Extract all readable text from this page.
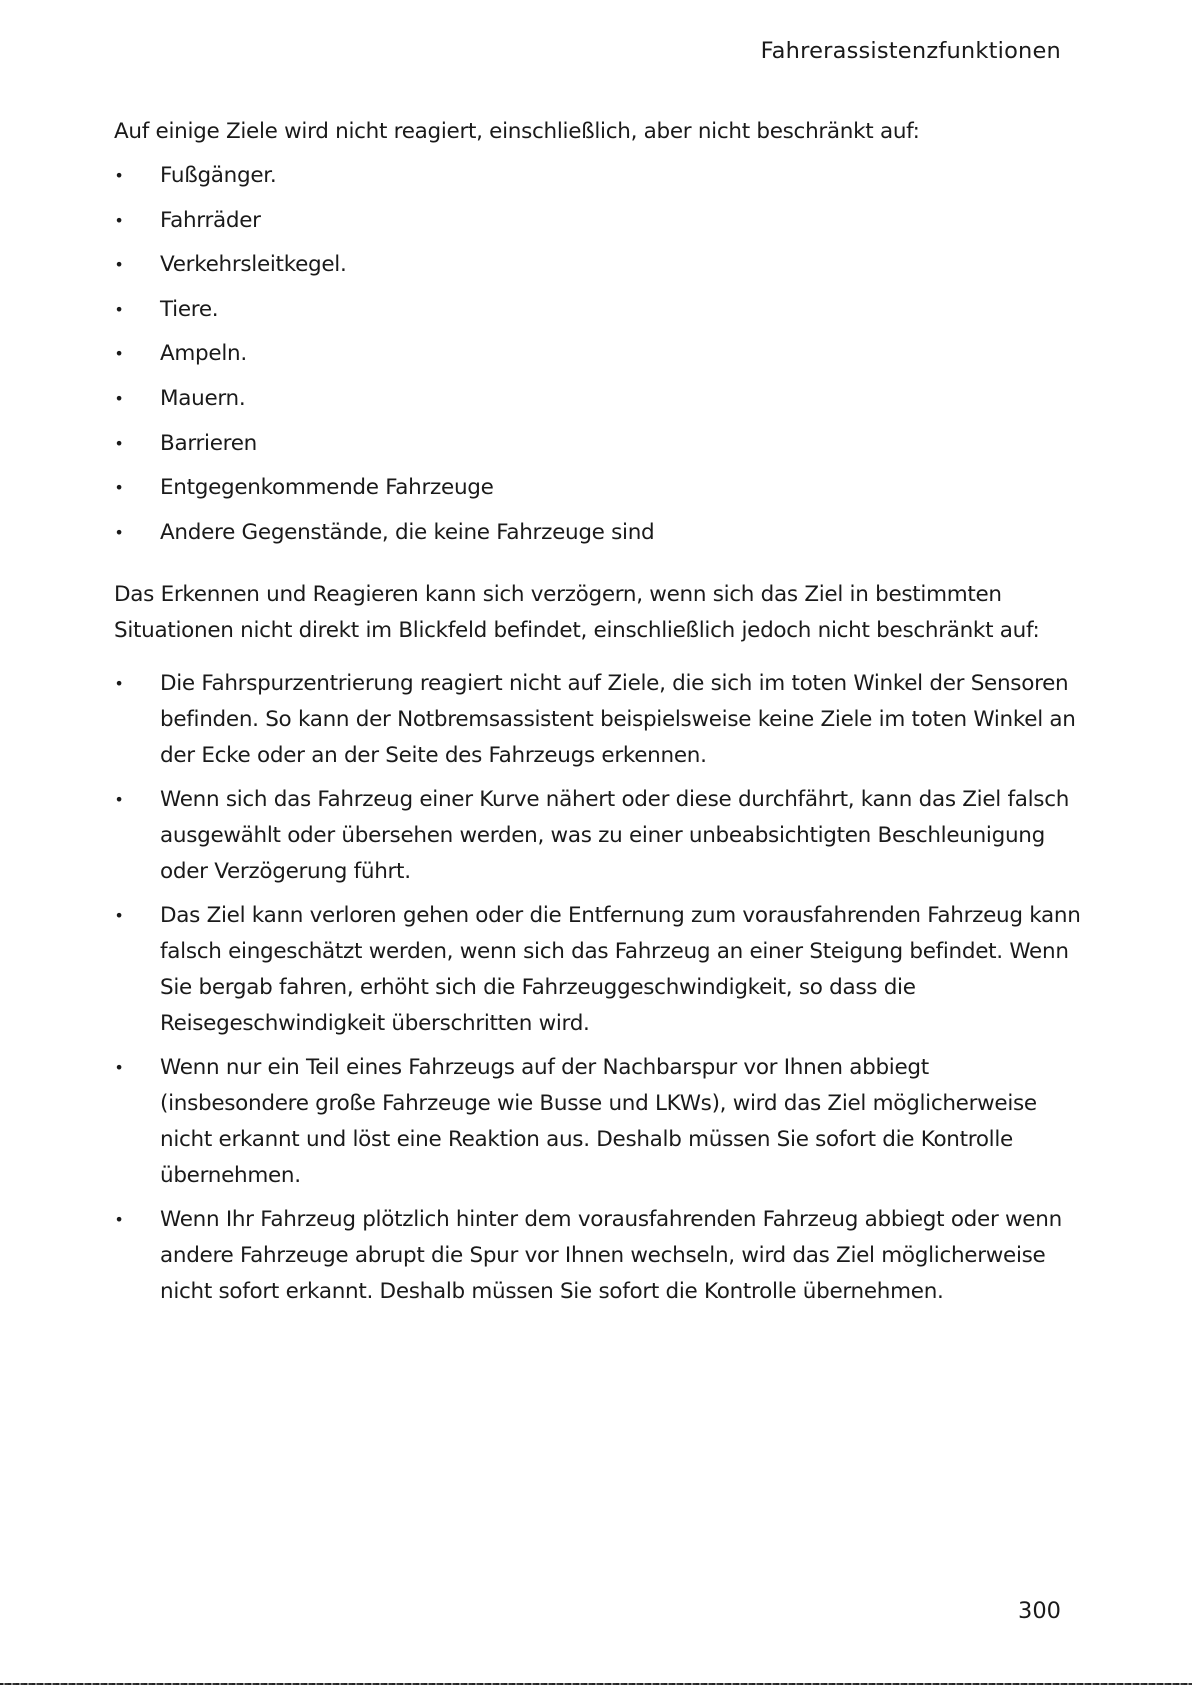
Fahrerassistenzfunktionen

Auf einige Ziele wird nicht reagiert, einschließlich, aber nicht beschränkt auf:

• Fußgänger.
• Fahrräder
• Verkehrsleitkegel.
• Tiere.
• Ampeln.
• Mauern.
• Barrieren
• Entgegenkommende Fahrzeuge
• Andere Gegenstände, die keine Fahrzeuge sind

Das Erkennen und Reagieren kann sich verzögern, wenn sich das Ziel in bestimmten Situationen nicht direkt im Blickfeld befindet, einschließlich jedoch nicht beschränkt auf:

• Die Fahrspurzentrierung reagiert nicht auf Ziele, die sich im toten Winkel der Sensoren befinden. So kann der Notbremsassistent beispielsweise keine Ziele im toten Winkel an der Ecke oder an der Seite des Fahrzeugs erkennen.
• Wenn sich das Fahrzeug einer Kurve nähert oder diese durchfährt, kann das Ziel falsch ausgewählt oder übersehen werden, was zu einer unbeabsichtigten Beschleunigung oder Verzögerung führt.
• Das Ziel kann verloren gehen oder die Entfernung zum vorausfahrenden Fahrzeug kann falsch eingeschätzt werden, wenn sich das Fahrzeug an einer Steigung befindet. Wenn Sie bergab fahren, erhöht sich die Fahrzeuggeschwindigkeit, so dass die Reisegeschwindigkeit überschritten wird.
• Wenn nur ein Teil eines Fahrzeugs auf der Nachbarspur vor Ihnen abbiegt (insbesondere große Fahrzeuge wie Busse und LKWs), wird das Ziel möglicherweise nicht erkannt und löst eine Reaktion aus. Deshalb müssen Sie sofort die Kontrolle übernehmen.
• Wenn Ihr Fahrzeug plötzlich hinter dem vorausfahrenden Fahrzeug abbiegt oder wenn andere Fahrzeuge abrupt die Spur vor Ihnen wechseln, wird das Ziel möglicherweise nicht sofort erkannt. Deshalb müssen Sie sofort die Kontrolle übernehmen.
300
